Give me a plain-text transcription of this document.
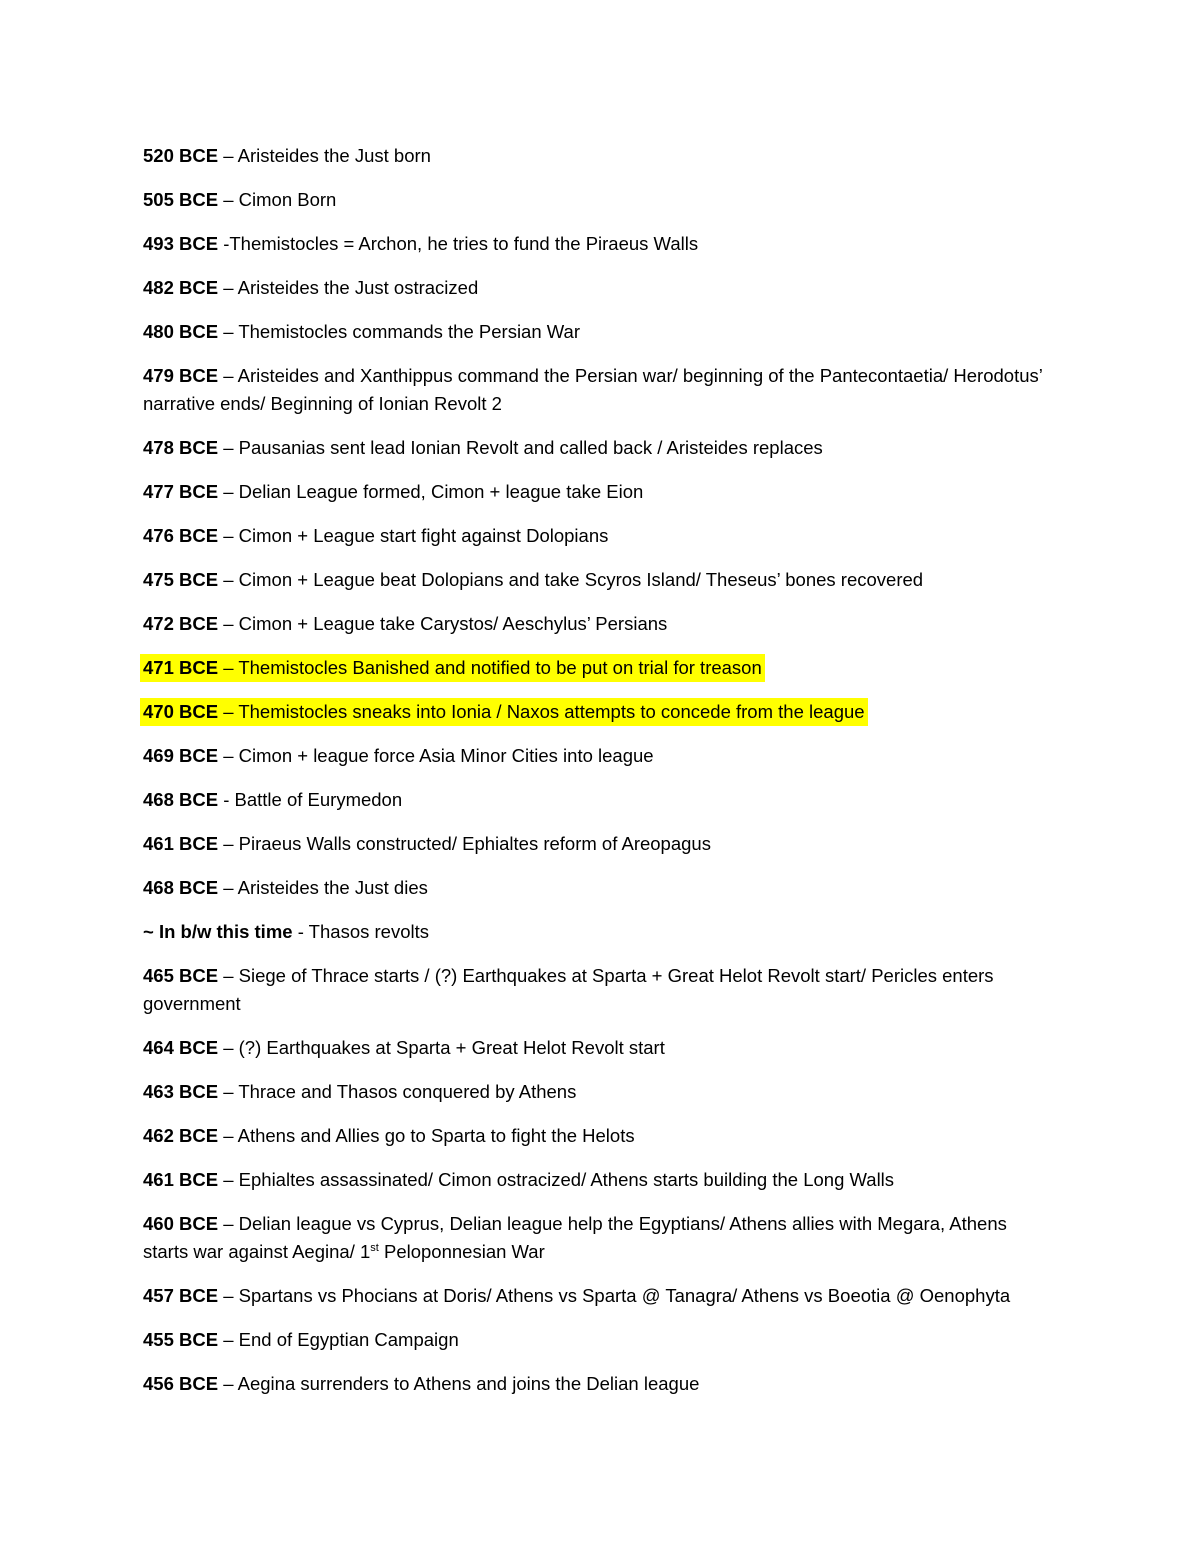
520 BCE – Aristeides the Just born

505 BCE – Cimon Born

493 BCE -Themistocles = Archon, he tries to fund the Piraeus Walls

482 BCE – Aristeides the Just ostracized

480 BCE – Themistocles commands the Persian War

479 BCE – Aristeides and Xanthippus command the Persian war/ beginning of the Pantecontaetia/ Herodotus’ narrative ends/ Beginning of Ionian Revolt 2

478 BCE – Pausanias sent lead Ionian Revolt and called back / Aristeides replaces

477 BCE – Delian League formed, Cimon + league take Eion

476 BCE – Cimon + League start fight against Dolopians

475 BCE – Cimon + League beat Dolopians and take Scyros Island/ Theseus’ bones recovered

472 BCE – Cimon + League take Carystos/ Aeschylus’ Persians

471 BCE – Themistocles Banished and notified to be put on trial for treason

470 BCE – Themistocles sneaks into Ionia / Naxos attempts to concede from the league

469 BCE – Cimon + league force Asia Minor Cities into league

468 BCE - Battle of Eurymedon

461 BCE – Piraeus Walls constructed/ Ephialtes reform of Areopagus

468 BCE – Aristeides the Just dies

~ In b/w this time - Thasos revolts

465 BCE – Siege of Thrace starts / (?) Earthquakes at Sparta + Great Helot Revolt start/ Pericles enters government

464 BCE – (?) Earthquakes at Sparta + Great Helot Revolt start

463 BCE – Thrace and Thasos conquered by Athens

462 BCE – Athens and Allies go to Sparta to fight the Helots

461 BCE – Ephialtes assassinated/ Cimon ostracized/ Athens starts building the Long Walls

460 BCE – Delian league vs Cyprus, Delian league help the Egyptians/ Athens allies with Megara, Athens starts war against Aegina/ 1st Peloponnesian War

457 BCE – Spartans vs Phocians at Doris/ Athens vs Sparta @ Tanagra/ Athens vs Boeotia @ Oenophyta

455 BCE – End of Egyptian Campaign

456 BCE – Aegina surrenders to Athens and joins the Delian league
